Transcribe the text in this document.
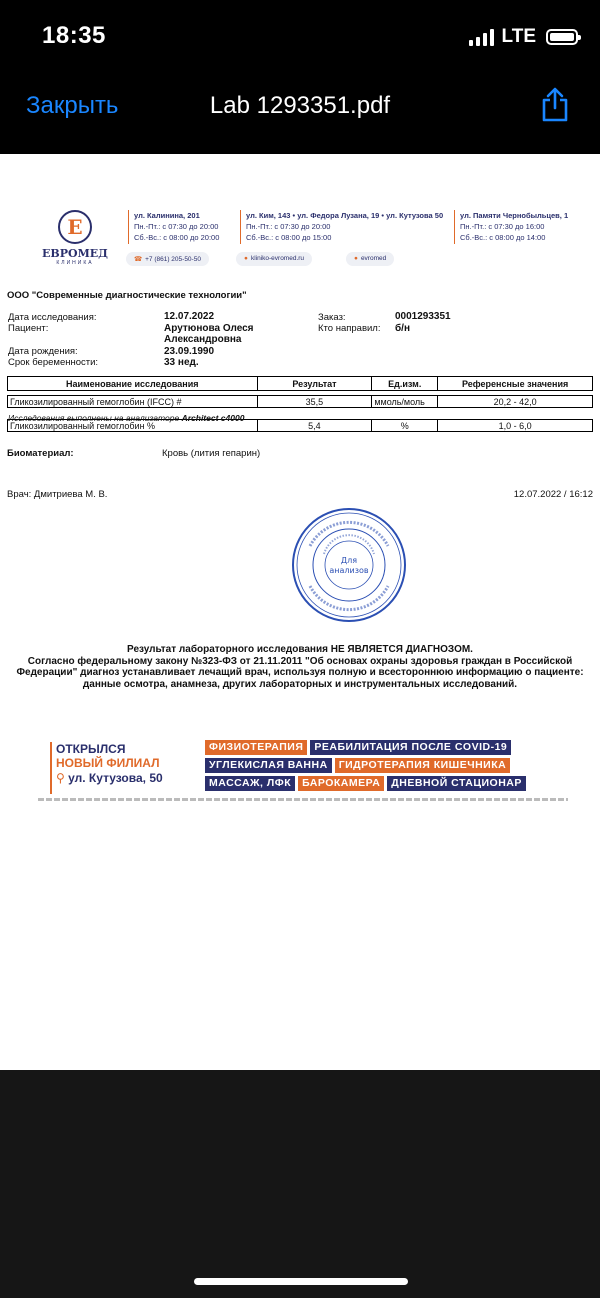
18:35	LTE
Закрыть	Lab 1293351.pdf
Е
ЕВРОМЕД
КЛИНИКА
ул. Калинина, 201
Пн.-Пт.: с 07:30 до 20:00
Сб.-Вс.: с 08:00 до 20:00
ул. Ким, 143 • ул. Федора Лузана, 19 • ул. Кутузова 50
Пн.-Пт.: с 07:30 до 20:00
Сб.-Вс.: с 08:00 до 15:00
ул. Памяти Чернобыльцев, 1
Пн.-Пт.: с 07:30 до 16:00
Сб.-Вс.: с 08:00 до 14:00
☎ +7 (861) 205-50-50	● kliniko-evromed.ru	● evromed
ООО "Современные диагностические технологии"
Дата исследования:	12.07.2022
Пациент:	Арутюнова Олеся
Александровна
Дата рождения:	23.09.1990
Срок беременности:	33 нед.
Заказ:	0001293351
Кто направил: б/н
Наименование исследования	Результат	Ед.изм.	Референсные значения

Гликозилированный гемоглобин (IFCC) #	35,5	ммоль/моль	20,2 - 42,0

Гликозилированный гемоглобин %	5,4	%	1,0 - 6,0
Исследования выполнены на анализаторе Architect c4000
Биоматериал:	Кровь (лития гепарин)
Врач: Дмитриева М. В.	12.07.2022 / 16:12
Для
анализов
Результат лабораторного исследования НЕ ЯВЛЯЕТСЯ ДИАГНОЗОМ.
Согласно федеральному закону №323-ФЗ от 21.11.2011 "Об основах охраны здоровья граждан в Российской Федерации" диагноз устанавливает лечащий врач, используя полную и всестороннюю информацию о пациенте: данные осмотра, анамнеза, других лабораторных и инструментальных исследований.
ОТКРЫЛСЯ
НОВЫЙ ФИЛИАЛ
⚲ ул. Кутузова, 50
ФИЗИОТЕРАПИЯ	РЕАБИЛИТАЦИЯ ПОСЛЕ COVID-19
УГЛЕКИСЛАЯ ВАННА	ГИДРОТЕРАПИЯ КИШЕЧНИКА
МАССАЖ, ЛФК	БАРОКАМЕРА	ДНЕВНОЙ СТАЦИОНАР
